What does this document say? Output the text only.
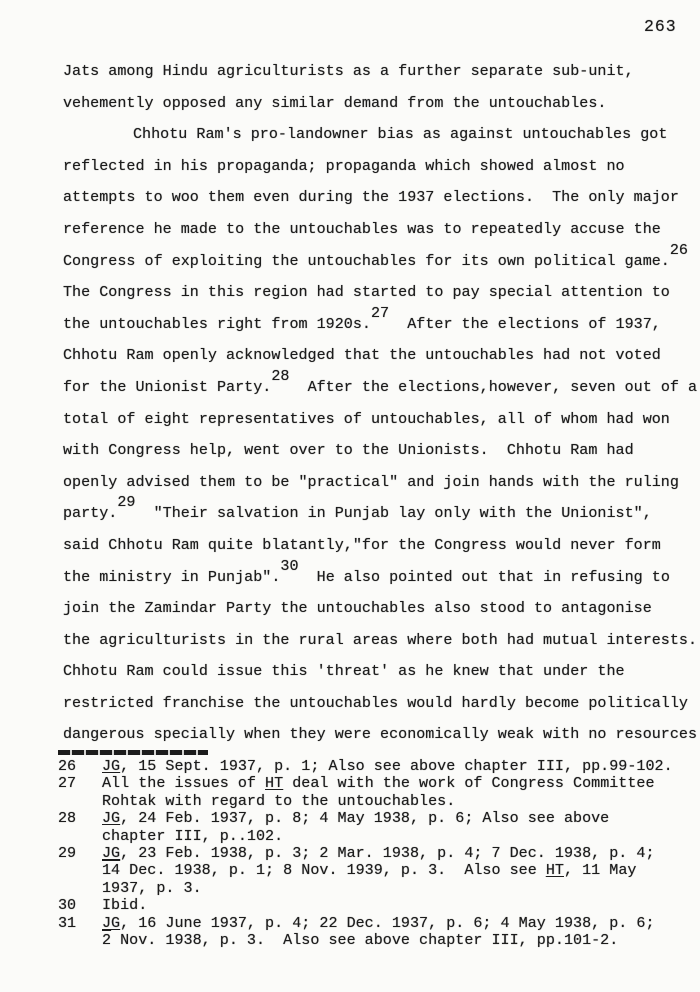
263
Jats among Hindu agriculturists as a further separate sub-unit,
vehemently opposed any similar demand from the untouchables.
Chhotu Ram's pro-landowner bias as against untouchables got
reflected in his propaganda; propaganda which showed almost no
attempts to woo them even during the 1937 elections.  The only major
reference he made to the untouchables was to repeatedly accuse the
Congress of exploiting the untouchables for its own political game.26
The Congress in this region had started to pay special attention to
the untouchables right from 1920s.27  After the elections of 1937,
Chhotu Ram openly acknowledged that the untouchables had not voted
for the Unionist Party.28  After the elections,however, seven out of a
total of eight representatives of untouchables, all of whom had won
with Congress help, went over to the Unionists.  Chhotu Ram had
openly advised them to be "practical" and join hands with the ruling
party.29  "Their salvation in Punjab lay only with the Unionist",
said Chhotu Ram quite blatantly,"for the Congress would never form
the ministry in Punjab".30  He also pointed out that in refusing to
join the Zamindar Party the untouchables also stood to antagonise
the agriculturists in the rural areas where both had mutual interests.
Chhotu Ram could issue this 'threat' as he knew that under the
restricted franchise the untouchables would hardly become politically
dangerous specially when they were economically weak with no resources
26	JG, 15 Sept. 1937, p. 1; Also see above chapter III, pp.99-102.
27	All the issues of HT deal with the work of Congress Committee
Rohtak with regard to the untouchables.
28	JG, 24 Feb. 1937, p. 8; 4 May 1938, p. 6; Also see above
chapter III, p..102.
29	JG, 23 Feb. 1938, p. 3; 2 Mar. 1938, p. 4; 7 Dec. 1938, p. 4;
14 Dec. 1938, p. 1; 8 Nov. 1939, p. 3.  Also see HT, 11 May
1937, p. 3.
30	Ibid.
31	JG, 16 June 1937, p. 4; 22 Dec. 1937, p. 6; 4 May 1938, p. 6;
2 Nov. 1938, p. 3.  Also see above chapter III, pp.101-2.
